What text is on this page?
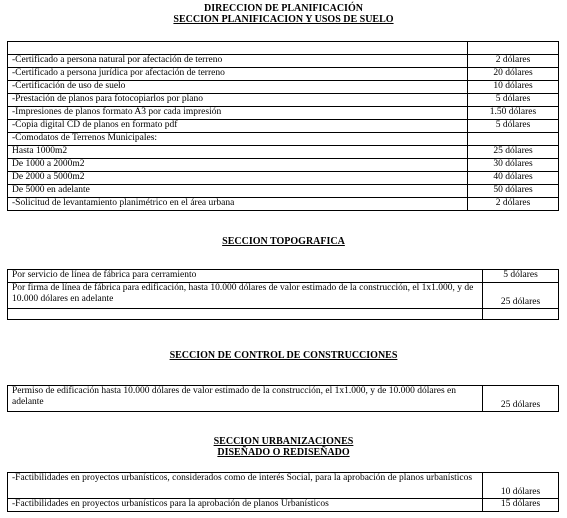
DIRECCION DE PLANIFICACIÓN
SECCION PLANIFICACION Y USOS DE SUELO

-Certificado a persona natural por afectación de terreno	2 dólares
-Certificado a persona jurídica por afectación de terreno	20 dólares
-Certificación de uso de suelo	10 dólares
-Prestación de planos para fotocopiarlos por plano	5 dólares
-Impresiones de planos formato A3 por cada impresión	1.50 dólares
-Copia digital CD de planos en formato pdf	5 dólares
-Comodatos de Terrenos Municipales:	
Hasta 1000m2	25 dólares
De 1000 a 2000m2	30 dólares
De 2000 a 5000m2	40 dólares
De 5000 en adelante	50 dólares
-Solicitud de levantamiento planimétrico en el área urbana	2 dólares
SECCION TOPOGRAFICA
Por servicio de línea de fábrica para cerramiento	5 dólares
Por firma de línea de fábrica para edificación, hasta 10.000 dólares de valor estimado de la construcción, el 1x1.000, y de 10.000 dólares en adelante	25 dólares

SECCION DE CONTROL DE CONSTRUCCIONES
Permiso de edificación hasta 10.000 dólares de valor estimado de la construcción, el 1x1.000, y de 10.000 dólares en adelante	25 dólares
SECCION URBANIZACIONES
DISEÑADO O REDISEÑADO
-Factibilidades en proyectos urbanísticos, considerados como de interés Social, para la aprobación de planos urbanísticos	10 dólares
-Factibilidades en proyectos urbanísticos para la aprobación de planos Urbanísticos	15 dólares
